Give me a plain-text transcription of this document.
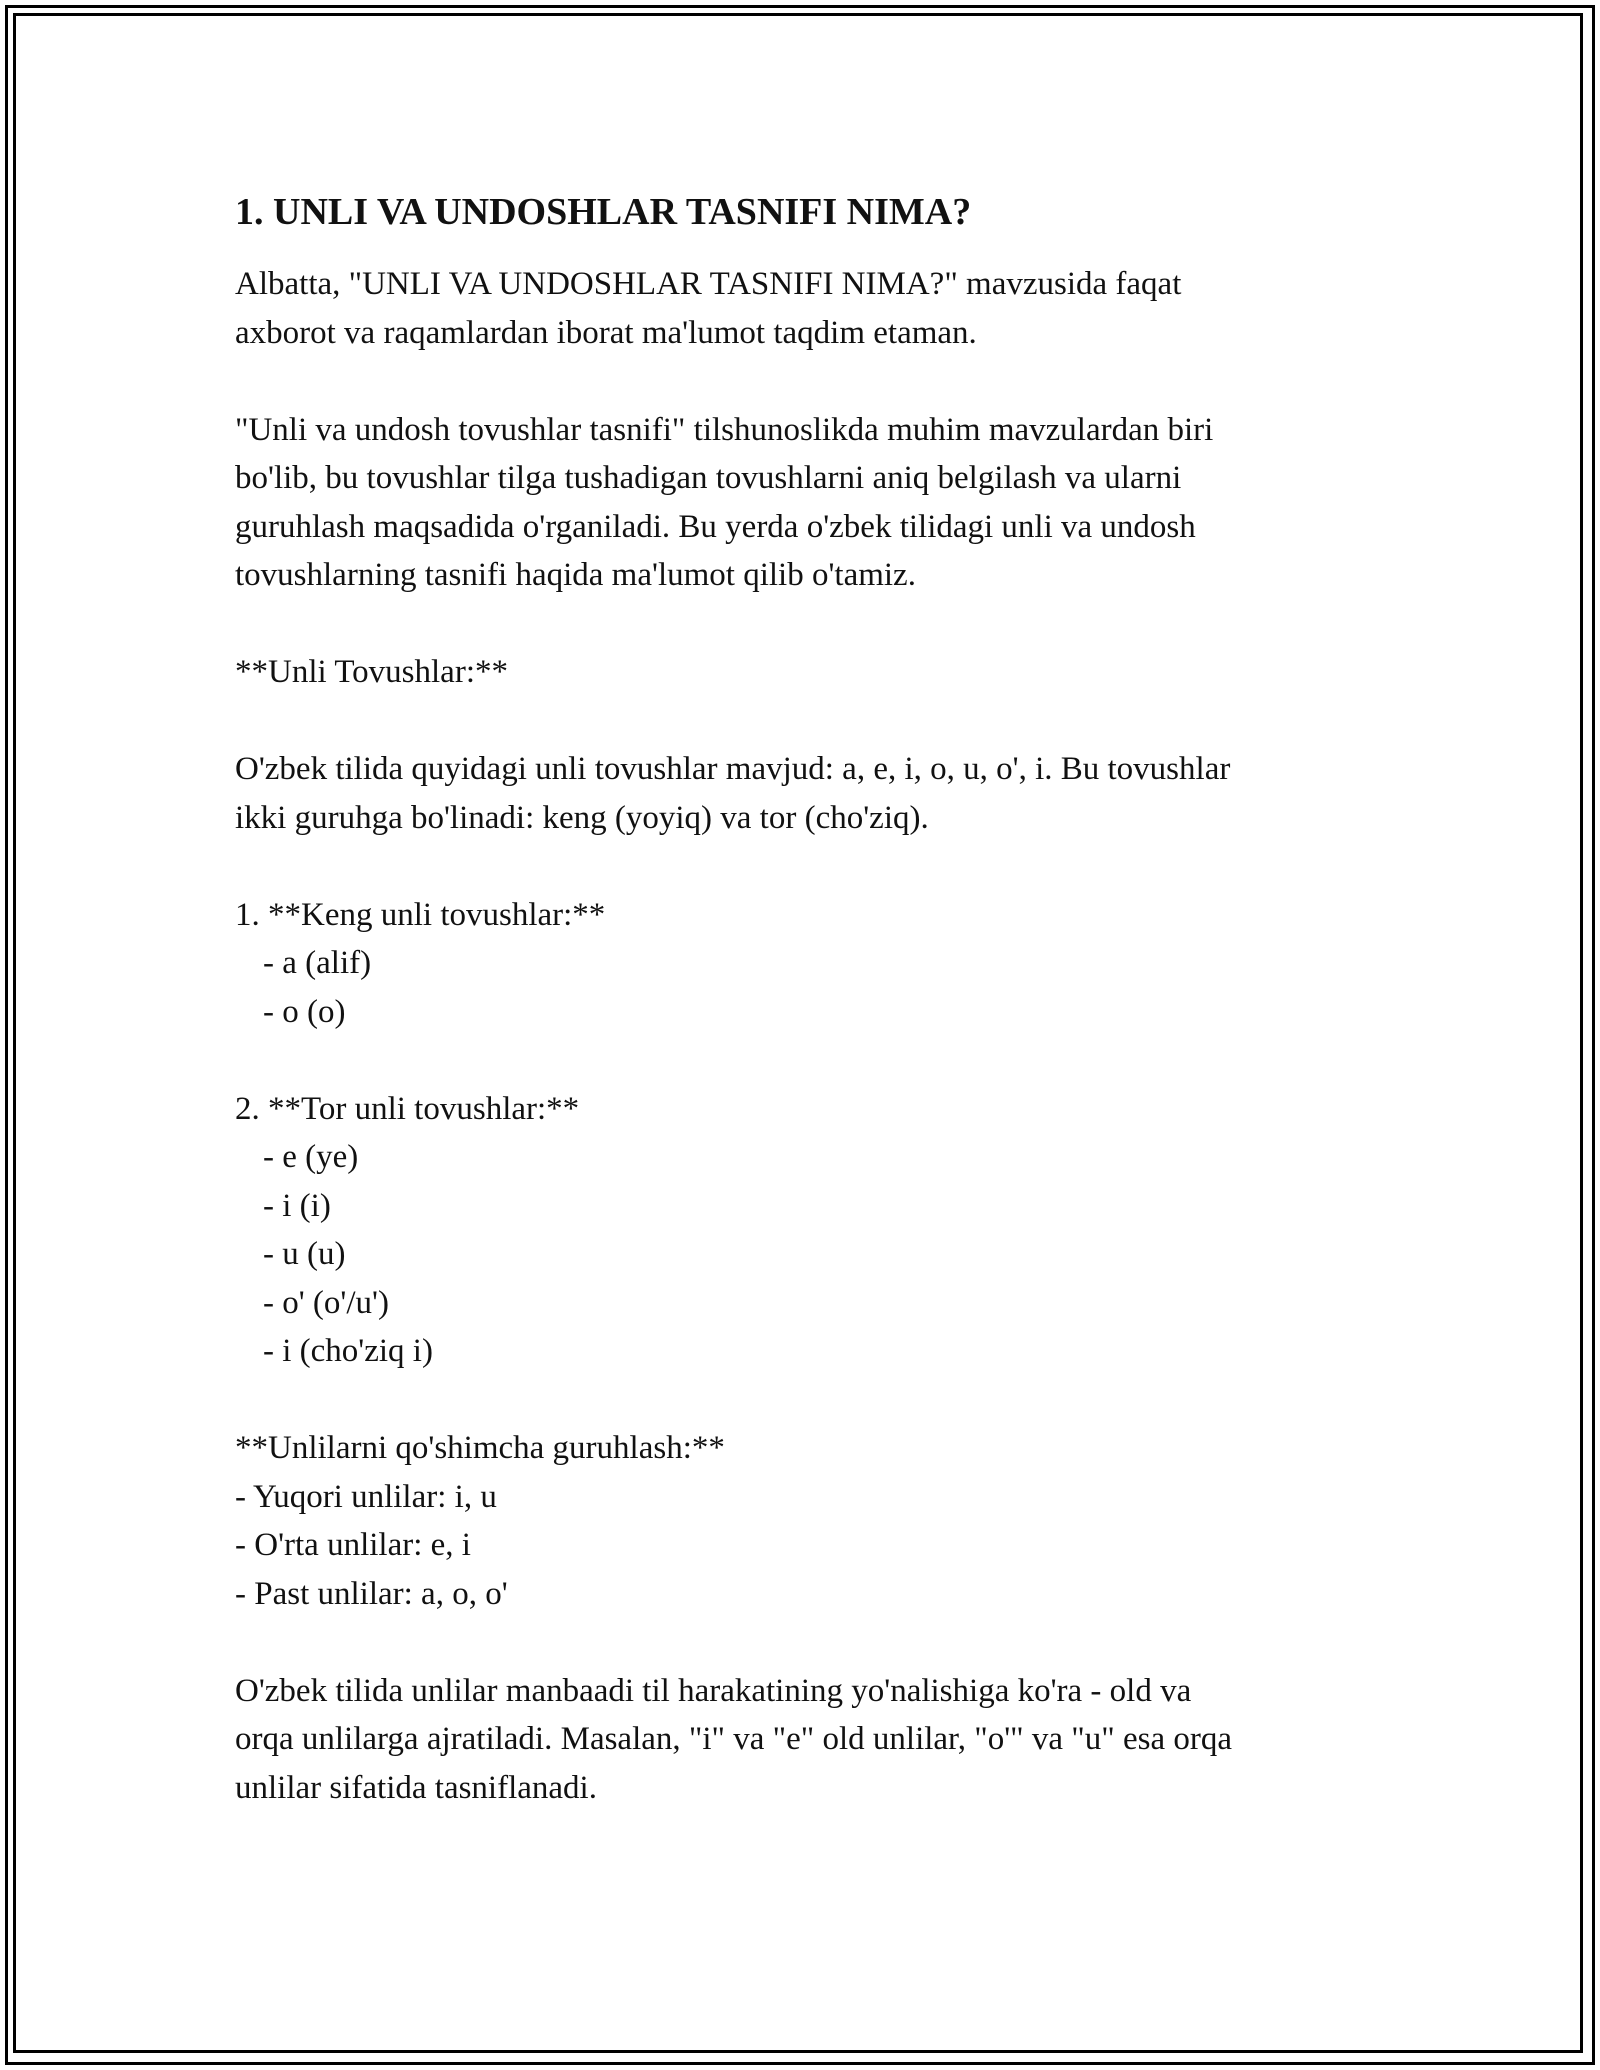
1. UNLI VA UNDOSHLAR TASNIFI NIMA?
Albatta, "UNLI VA UNDOSHLAR TASNIFI NIMA?" mavzusida faqat
axborot va raqamlardan iborat ma'lumot taqdim etaman.
"Unli va undosh tovushlar tasnifi" tilshunoslikda muhim mavzulardan biri
bo'lib, bu tovushlar tilga tushadigan tovushlarni aniq belgilash va ularni
guruhlash maqsadida o'rganiladi. Bu yerda o'zbek tilidagi unli va undosh
tovushlarning tasnifi haqida ma'lumot qilib o'tamiz.
**Unli Tovushlar:**
O'zbek tilida quyidagi unli tovushlar mavjud: a, e, i, o, u, o', i. Bu tovushlar
ikki guruhga bo'linadi: keng (yoyiq) va tor (cho'ziq).
1. **Keng unli tovushlar:**
- a (alif)
- o (o)
2. **Tor unli tovushlar:**
- e (ye)
- i (i)
- u (u)
- o' (o'/u')
- i (cho'ziq i)
**Unlilarni qo'shimcha guruhlash:**
- Yuqori unlilar: i, u
- O'rta unlilar: e, i
- Past unlilar: a, o, o'
O'zbek tilida unlilar manbaadi til harakatining yo'nalishiga ko'ra - old va
orqa unlilarga ajratiladi. Masalan, "i" va "e" old unlilar, "o'" va "u" esa orqa
unlilar sifatida tasniflanadi.
